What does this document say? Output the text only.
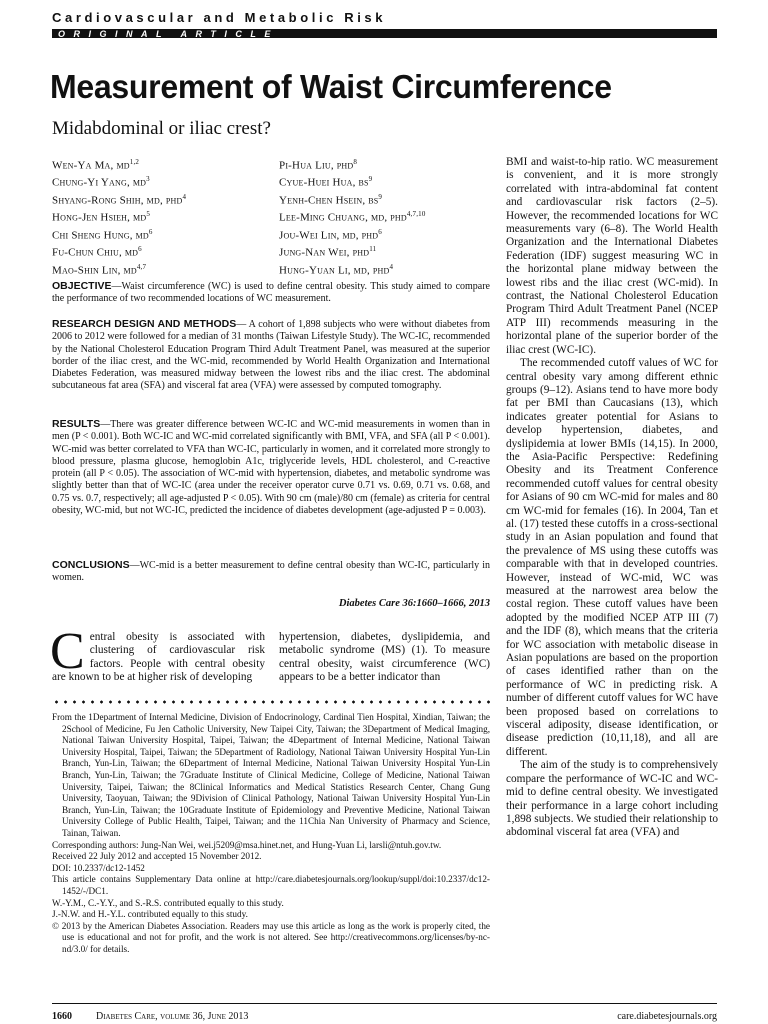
Cardiovascular and Metabolic Risk
ORIGINAL ARTICLE
Measurement of Waist Circumference
Midabdominal or iliac crest?
Wen-Ya Ma, md$^{1,2}$
Chung-Yi Yang, $md^3$
Shyang-Rong Shih, md, phd$^4$
Hong-Jen Hsieh, $md^5$
Chi Sheng Hung, $md^6$
Fu-Chun Chiu, $md^6$
Mao-Shin Lin, md$^{4,7}$
Pi-Hua Liu, phd$^8$
Cyue-Huei Hua, $bs^9$
Yenh-Chen Hsein, $bs^9$
Lee-Ming Chuang, md, phd$^{4,7,10}$
Jou-Wei Lin, md, phd$^6$
Jung-Nan Wei, phd$^{11}$
Hung-Yuan Li, md, phd$^4$

OBJECTIVE—Waist circumference (WC) is used to define central obesity. This study aimed to compare the performance of two recommended locations of WC measurement.

RESEARCH DESIGN AND METHODS— A cohort of 1,898 subjects who were without diabetes from 2006 to 2012 were followed for a median of 31 months (Taiwan Lifestyle Study). The WC-IC, recommended by the National Cholesterol Education Program Third Adult Treatment Panel, was measured at the superior border of the iliac crest, and the WC-mid, recommended by World Health Organization and International Diabetes Federation, was measured midway between the lowest ribs and the iliac crest. The abdominal subcutaneous fat area (SFA) and visceral fat area (VFA) were assessed by computed tomography.

RESULTS—There was greater difference between WC-IC and WC-mid measurements in women than in men (P < 0.001). Both WC-IC and WC-mid correlated significantly with BMI, VFA, and SFA (all P < 0.001). WC-mid was better correlated to VFA than WC-IC, particularly in women, and it correlated more strongly to blood pressure, plasma glucose, hemoglobin A1c, triglyceride levels, HDL cholesterol, and C-reactive protein (all P < 0.05). The association of WC-mid with hypertension, diabetes, and metabolic syndrome was slightly better than that of WC-IC (area under the receiver operator curve 0.71 vs. 0.69, 0.71 vs. 0.68, and 0.75 vs. 0.7, respectively; all age-adjusted P < 0.05). With 90 cm (male)/80 cm (female) as criteria for central obesity, WC-mid, but not WC-IC, predicted the incidence of diabetes development (age-adjusted P = 0.003).

CONCLUSIONS—WC-mid is a better measurement to define central obesity than WC-IC, particularly in women.

Diabetes Care 36:1660–1666, 2013
Central obesity is associated with clustering of cardiovascular risk factors. People with central obesity are known to be at higher risk of developing
hypertension, diabetes, dyslipidemia, and metabolic syndrome (MS) (1). To measure central obesity, waist circumference (WC) appears to be a better indicator than

From the 1Department of Internal Medicine, Division of Endocrinology, Cardinal Tien Hospital, Xindian, Taiwan; the 2School of Medicine, Fu Jen Catholic University, New Taipei City, Taiwan; the 3Department of Medical Imaging, National Taiwan University Hospital, Taipei, Taiwan; the 4Department of Internal Medicine, National Taiwan University Hospital, Taipei, Taiwan; the 5Department of Radiology, National Taiwan University Hospital Yun-Lin Branch, Yun-Lin, Taiwan; the 6Department of Internal Medicine, National Taiwan University Hospital Yun-Lin Branch, Yun-Lin, Taiwan; the 7Graduate Institute of Clinical Medicine, College of Medicine, National Taiwan University, Taipei, Taiwan; the 8Clinical Informatics and Medical Statistics Research Center, Chang Gung University, Taoyuan, Taiwan; the 9Division of Clinical Pathology, National Taiwan University Hospital Yun-Lin Branch, Yun-Lin, Taiwan; the 10Graduate Institute of Epidemiology and Preventive Medicine, National Taiwan University College of Public Health, Taipei, Taiwan; and the 11Chia Nan University of Pharmacy and Science, Tainan, Taiwan.

Corresponding authors: Jung-Nan Wei, wei.j5209@msa.hinet.net, and Hung-Yuan Li, larsli@ntuh.gov.tw.

Received 22 July 2012 and accepted 15 November 2012.

DOI: 10.2337/dc12-1452

This article contains Supplementary Data online at http://care.diabetesjournals.org/lookup/suppl/doi:10.2337/dc12-1452/-/DC1.

W.-Y.M., C.-Y.Y., and S.-R.S. contributed equally to this study.

J.-N.W. and H.-Y.L. contributed equally to this study.

© 2013 by the American Diabetes Association. Readers may use this article as long as the work is properly cited, the use is educational and not for profit, and the work is not altered. See http://creativecommons.org/licenses/by-nc-nd/3.0/ for details.

BMI and waist-to-hip ratio. WC measurement is convenient, and it is more strongly correlated with intra-abdominal fat content and cardiovascular risk factors (2–5). However, the recommended locations for WC measurements vary (6–8). The World Health Organization and the International Diabetes Federation (IDF) suggest measuring WC in the horizontal plane midway between the lowest ribs and the iliac crest (WC-mid). In contrast, the National Cholesterol Education Program Third Adult Treatment Panel (NCEP ATP III) recommends measuring in the horizontal plane of the superior border of the iliac crest (WC-IC).

The recommended cutoff values of WC for central obesity vary among different ethnic groups (9–12). Asians tend to have more body fat per BMI than Caucasians (13), which indicates greater potential for Asians to develop hypertension, diabetes, and dyslipidemia at lower BMIs (14,15). In 2000, the Asia-Pacific Perspective: Redefining Obesity and its Treatment Conference recommended cutoff values for central obesity for Asians of 90 cm WC-mid for males and 80 cm WC-mid for females (16). In 2004, Tan et al. (17) tested these cutoffs in a cross-sectional study in an Asian population and found that the prevalence of MS using these cutoffs was comparable with that in developed countries. However, instead of WC-mid, WC was measured at the narrowest area below the costal region. These cutoff values have been adopted by the modified NCEP ATP III (7) and the IDF (8), which means that the criteria for WC association with metabolic disease in Asian populations are based on the proportion of cases identified rather than on the performance of WC in predicting risk. A number of different cutoff values for WC have been proposed based on correlations to visceral adiposity, disease identification, or disease prediction (10,11,18), and all are different.

The aim of the study is to comprehensively compare the performance of WC-IC and WC-mid to define central obesity. We investigated their performance in a large cohort including 1,898 subjects. We studied their relationship to abdominal visceral fat area (VFA) and

1660 Diabetes Care, volume 36, June 2013	care.diabetesjournals.org
